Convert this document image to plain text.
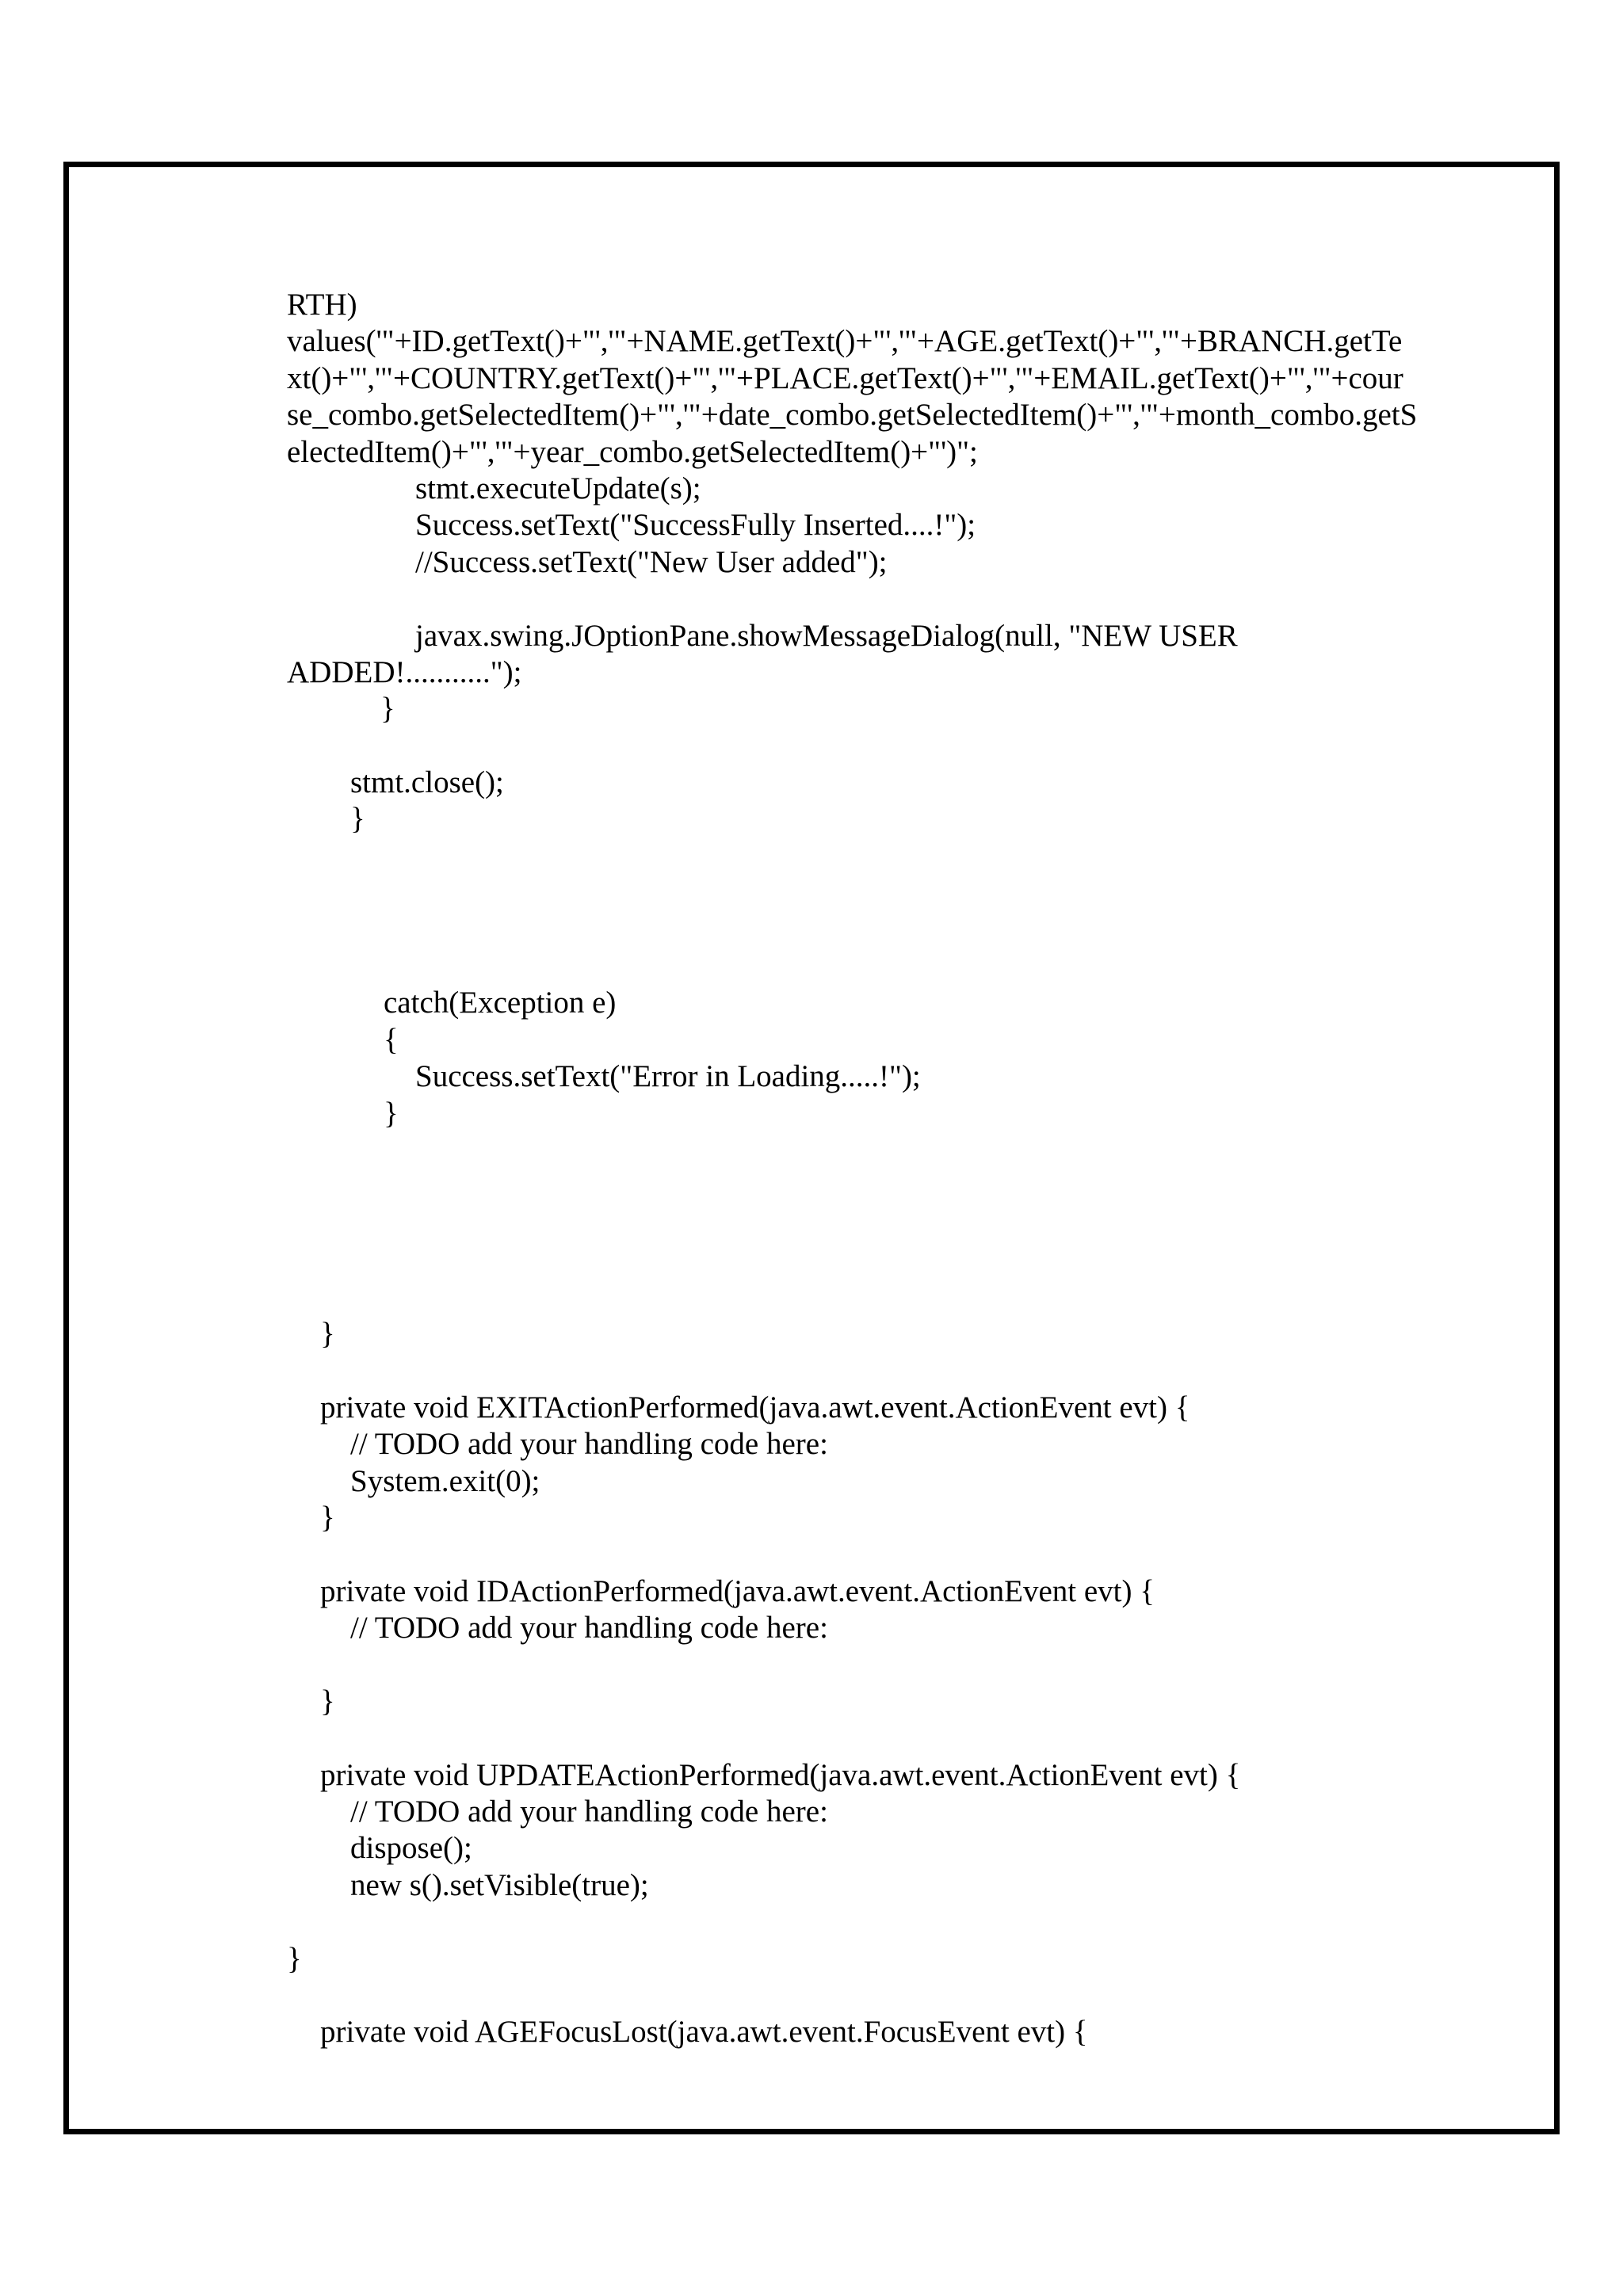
RTH)
values('"+ID.getText()+"','"+NAME.getText()+"','"+AGE.getText()+"','"+BRANCH.getTe
xt()+"','"+COUNTRY.getText()+"','"+PLACE.getText()+"','"+EMAIL.getText()+"','"+cour
se_combo.getSelectedItem()+"','"+date_combo.getSelectedItem()+"','"+month_combo.getS
electedItem()+"','"+year_combo.getSelectedItem()+"')";
stmt.executeUpdate(s);
Success.setText("SuccessFully Inserted....!");
//Success.setText("New User added");
javax.swing.JOptionPane.showMessageDialog(null, "NEW USER
ADDED!...........");
}
stmt.close();
}
catch(Exception e)
{
Success.setText("Error in Loading.....!");
}
}
private void EXITActionPerformed(java.awt.event.ActionEvent evt) {
// TODO add your handling code here:
System.exit(0);
}
private void IDActionPerformed(java.awt.event.ActionEvent evt) {
// TODO add your handling code here:
}
private void UPDATEActionPerformed(java.awt.event.ActionEvent evt) {
// TODO add your handling code here:
dispose();
new s().setVisible(true);
}
private void AGEFocusLost(java.awt.event.FocusEvent evt) {
